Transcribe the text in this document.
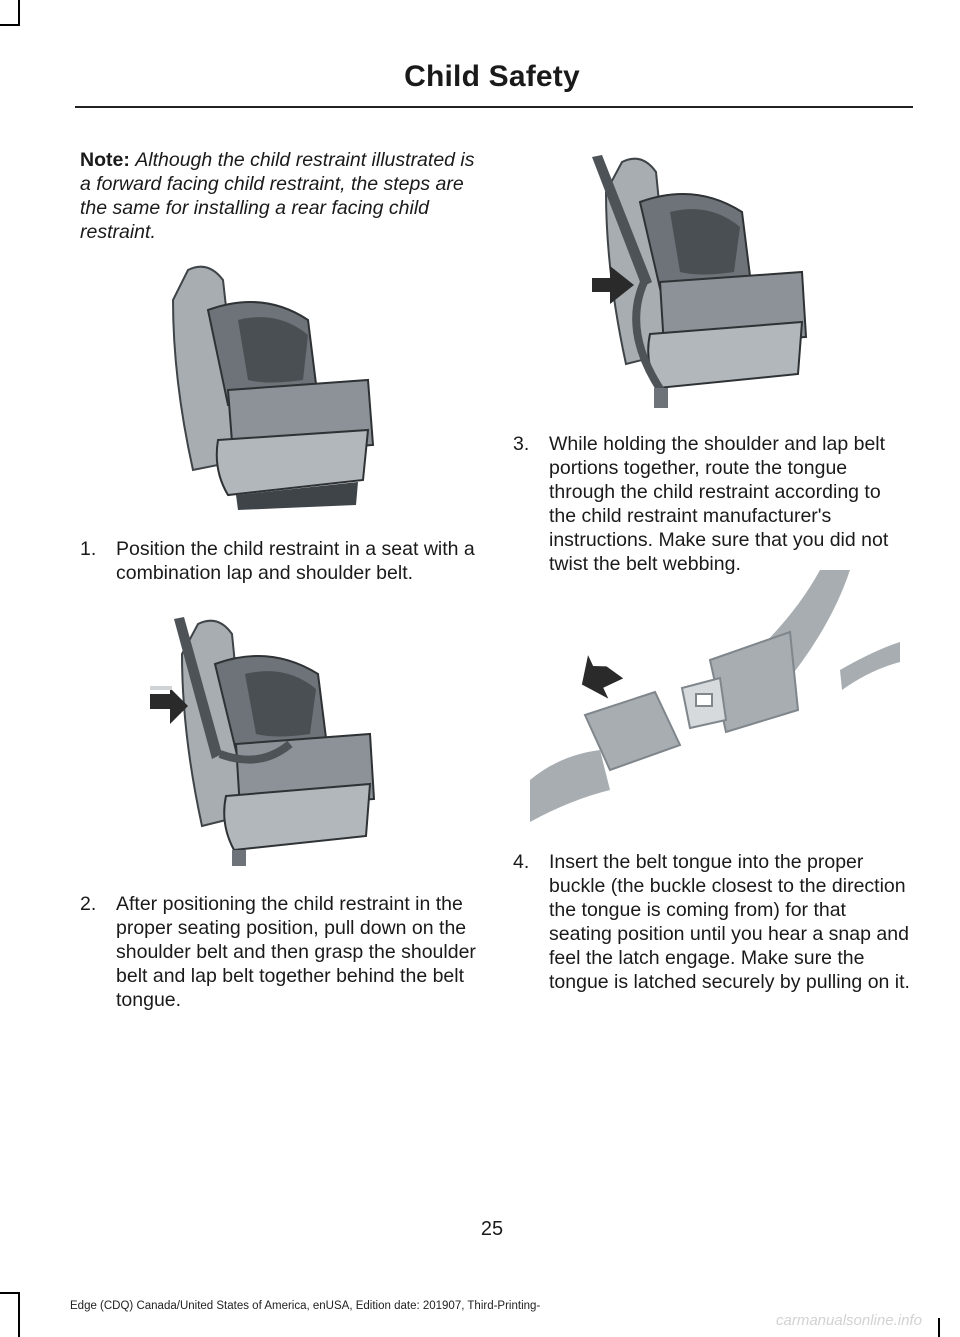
Child Safety
Note: Although the child restraint illustrated is a forward facing child restraint, the steps are the same for installing a rear facing child restraint.
1. Position the child restraint in a seat with a combination lap and shoulder belt.
2. After positioning the child restraint in the proper seating position, pull down on the shoulder belt and then grasp the shoulder belt and lap belt together behind the belt tongue.
3. While holding the shoulder and lap belt portions together, route the tongue through the child restraint according to the child restraint manufacturer's instructions. Make sure that you did not twist the belt webbing.
4. Insert the belt tongue into the proper buckle (the buckle closest to the direction the tongue is coming from) for that seating position until you hear a snap and feel the latch engage. Make sure the tongue is latched securely by pulling on it.
25
Edge (CDQ) Canada/United States of America, enUSA, Edition date: 201907, Third-Printing-
carmanualsonline.info
